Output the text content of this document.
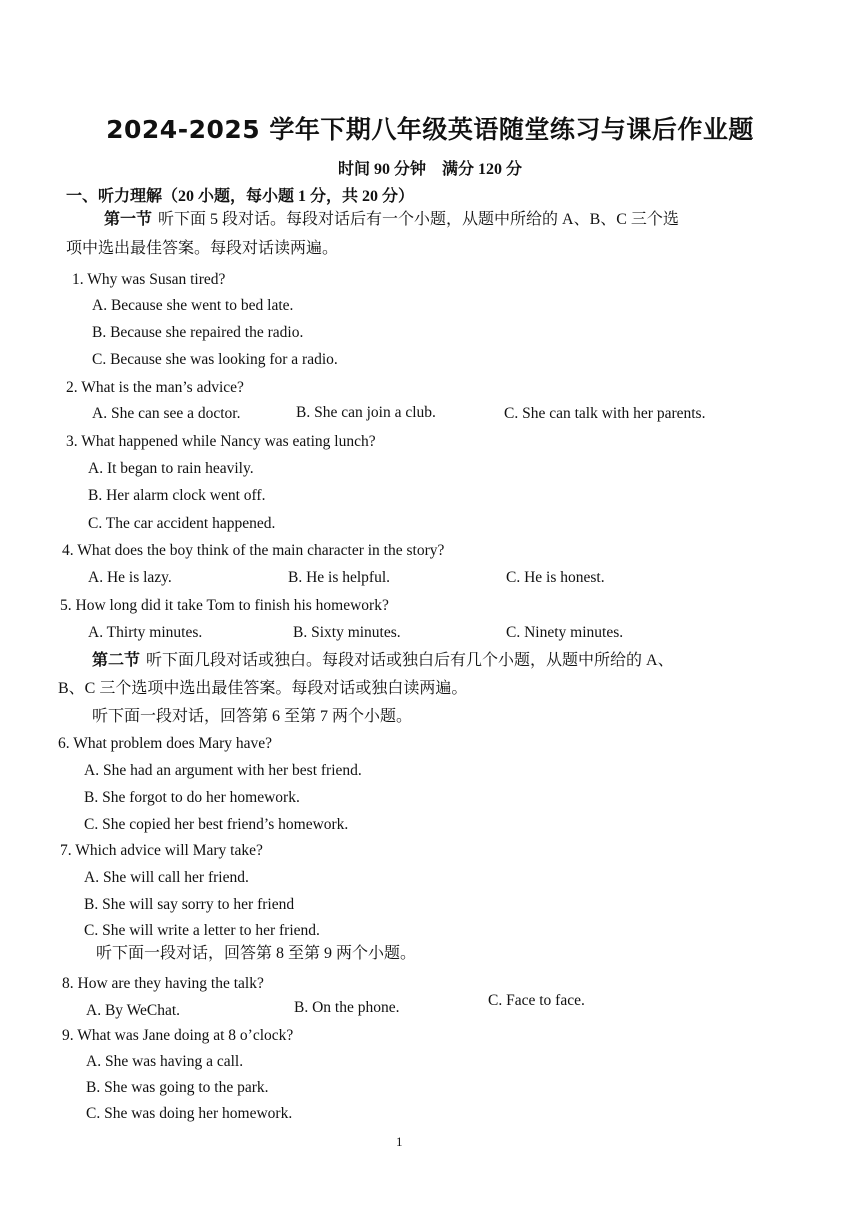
2024-2025 学年下期八年级英语随堂练习与课后作业题
时间 90 分钟 满分 120 分
一、听力理解（20 小题，每小题 1 分，共 20 分）
第一节 听下面 5 段对话。每段对话后有一个小题，从题中所给的 A、B、C 三个选
项中选出最佳答案。每段对话读两遍。
1. Why was Susan tired?
A. Because she went to bed late.
B. Because she repaired the radio.
C. Because she was looking for a radio.
2. What is the man’s advice?
A. She can see a doctor.	B. She can join a club.	C. She can talk with her parents.
3. What happened while Nancy was eating lunch?
A. It began to rain heavily.
B. Her alarm clock went off.
C. The car accident happened.
4. What does the boy think of the main character in the story?
A. He is lazy.	B. He is helpful.	C. He is honest.
5. How long did it take Tom to finish his homework?
A. Thirty minutes.	B. Sixty minutes.	C. Ninety minutes.
第二节 听下面几段对话或独白。每段对话或独白后有几个小题，从题中所给的 A、
B、C 三个选项中选出最佳答案。每段对话或独白读两遍。
听下面一段对话，回答第 6 至第 7 两个小题。
6. What problem does Mary have?
A. She had an argument with her best friend.
B. She forgot to do her homework.
C. She copied her best friend’s homework.
7. Which advice will Mary take?
A. She will call her friend.
B. She will say sorry to her friend
C. She will write a letter to her friend.
听下面一段对话，回答第 8 至第 9 两个小题。
8. How are they having the talk?
A. By WeChat.	B. On the phone.	C. Face to face.
9. What was Jane doing at 8 o’clock?
A. She was having a call.
B. She was going to the park.
C. She was doing her homework.
1
